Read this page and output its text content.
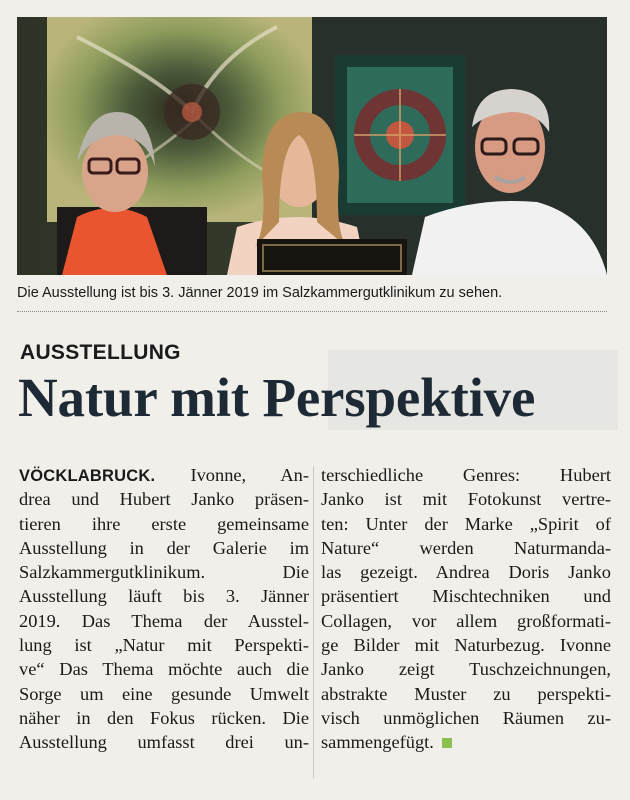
Die Ausstellung ist bis 3. Jänner 2019 im Salzkammergutklinikum zu sehen.
AUSSTELLUNG
Natur mit Perspektive
VÖCKLABRUCK. Ivonne, An-
drea und Hubert Janko präsen-
tieren ihre erste gemeinsame
Ausstellung in der Galerie im
Salzkammergutklinikum. Die
Ausstellung läuft bis 3. Jänner
2019. Das Thema der Ausstel-
lung ist „Natur mit Perspekti-
ve“ Das Thema möchte auch die
Sorge um eine gesunde Umwelt
näher in den Fokus rücken. Die
Ausstellung umfasst drei un-
terschiedliche Genres: Hubert
Janko ist mit Fotokunst vertre-
ten: Unter der Marke „Spirit of
Nature“ werden Naturmanda-
las gezeigt. Andrea Doris Janko
präsentiert Mischtechniken und
Collagen, vor allem großformati-
ge Bilder mit Naturbezug. Ivonne
Janko zeigt Tuschzeichnungen,
abstrakte Muster zu perspekti-
visch unmöglichen Räumen zu-
sammengefügt.
